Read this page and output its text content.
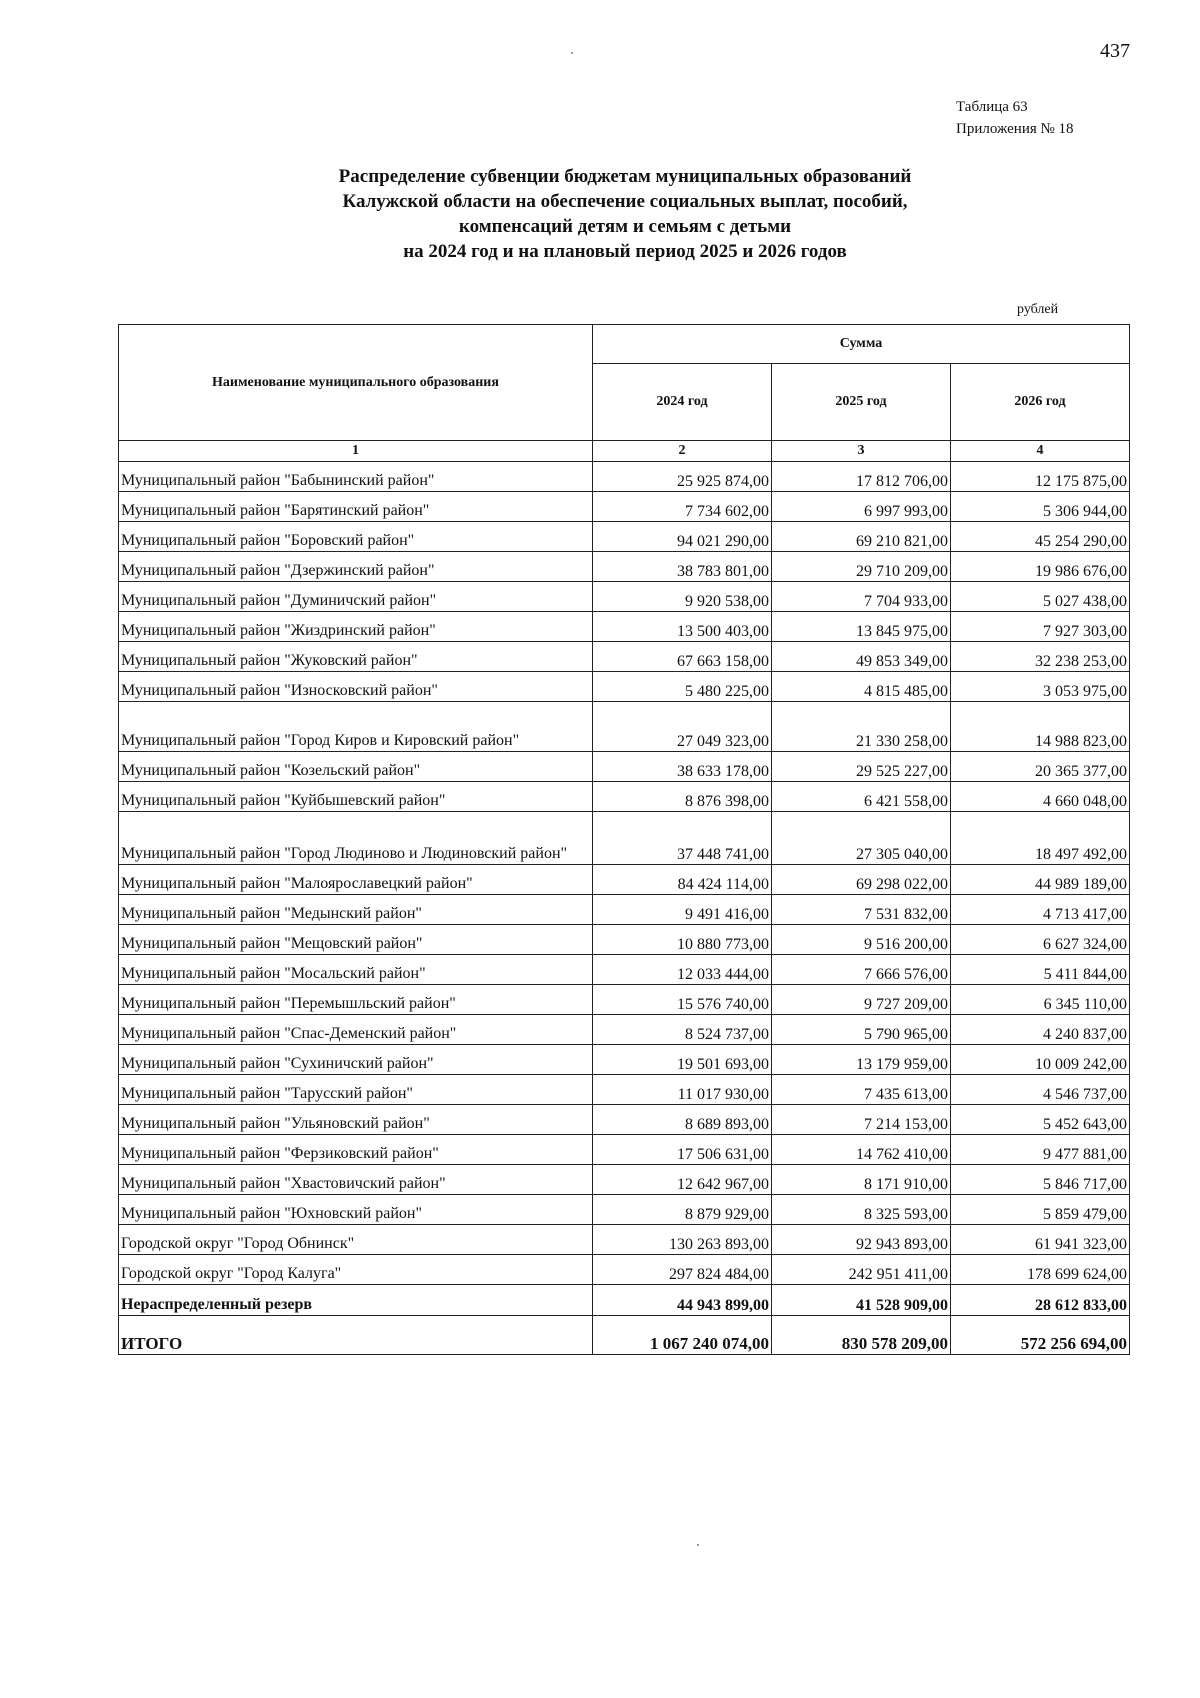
437
Таблица 63
Приложения № 18
Распределение субвенции бюджетам муниципальных образований
Калужской области на обеспечение социальных выплат, пособий,
компенсаций детям и семьям с детьми
на 2024 год и на плановый период 2025 и 2026 годов
рублей
Наименование муниципального образования	Сумма		
	2024 год	2025 год	2026 год
1	2	3	4
Муниципальный район "Бабынинский район"	25 925 874,00	17 812 706,00	12 175 875,00
Муниципальный район "Барятинский район"	7 734 602,00	6 997 993,00	5 306 944,00
Муниципальный район "Боровский район"	94 021 290,00	69 210 821,00	45 254 290,00
Муниципальный район "Дзержинский район"	38 783 801,00	29 710 209,00	19 986 676,00
Муниципальный район "Думиничский район"	9 920 538,00	7 704 933,00	5 027 438,00
Муниципальный район "Жиздринский район"	13 500 403,00	13 845 975,00	7 927 303,00
Муниципальный район "Жуковский район"	67 663 158,00	49 853 349,00	32 238 253,00
Муниципальный район "Износковский район"	5 480 225,00	4 815 485,00	3 053 975,00
Муниципальный район "Город Киров и Кировский район"	27 049 323,00	21 330 258,00	14 988 823,00
Муниципальный район "Козельский район"	38 633 178,00	29 525 227,00	20 365 377,00
Муниципальный район "Куйбышевский район"	8 876 398,00	6 421 558,00	4 660 048,00
Муниципальный район "Город Людиново и Людиновский район"	37 448 741,00	27 305 040,00	18 497 492,00
Муниципальный район "Малоярославецкий район"	84 424 114,00	69 298 022,00	44 989 189,00
Муниципальный район "Медынский район"	9 491 416,00	7 531 832,00	4 713 417,00
Муниципальный район "Мещовский район"	10 880 773,00	9 516 200,00	6 627 324,00
Муниципальный район "Мосальский район"	12 033 444,00	7 666 576,00	5 411 844,00
Муниципальный район "Перемышльский район"	15 576 740,00	9 727 209,00	6 345 110,00
Муниципальный район "Спас-Деменский район"	8 524 737,00	5 790 965,00	4 240 837,00
Муниципальный район "Сухиничский район"	19 501 693,00	13 179 959,00	10 009 242,00
Муниципальный район "Тарусский район"	11 017 930,00	7 435 613,00	4 546 737,00
Муниципальный район "Ульяновский район"	8 689 893,00	7 214 153,00	5 452 643,00
Муниципальный район "Ферзиковский район"	17 506 631,00	14 762 410,00	9 477 881,00
Муниципальный район "Хвастовичский район"	12 642 967,00	8 171 910,00	5 846 717,00
Муниципальный район "Юхновский район"	8 879 929,00	8 325 593,00	5 859 479,00
Городской округ "Город Обнинск"	130 263 893,00	92 943 893,00	61 941 323,00
Городской округ "Город Калуга"	297 824 484,00	242 951 411,00	178 699 624,00
Нераспределенный резерв	44 943 899,00	41 528 909,00	28 612 833,00
ИТОГО	1 067 240 074,00	830 578 209,00	572 256 694,00
